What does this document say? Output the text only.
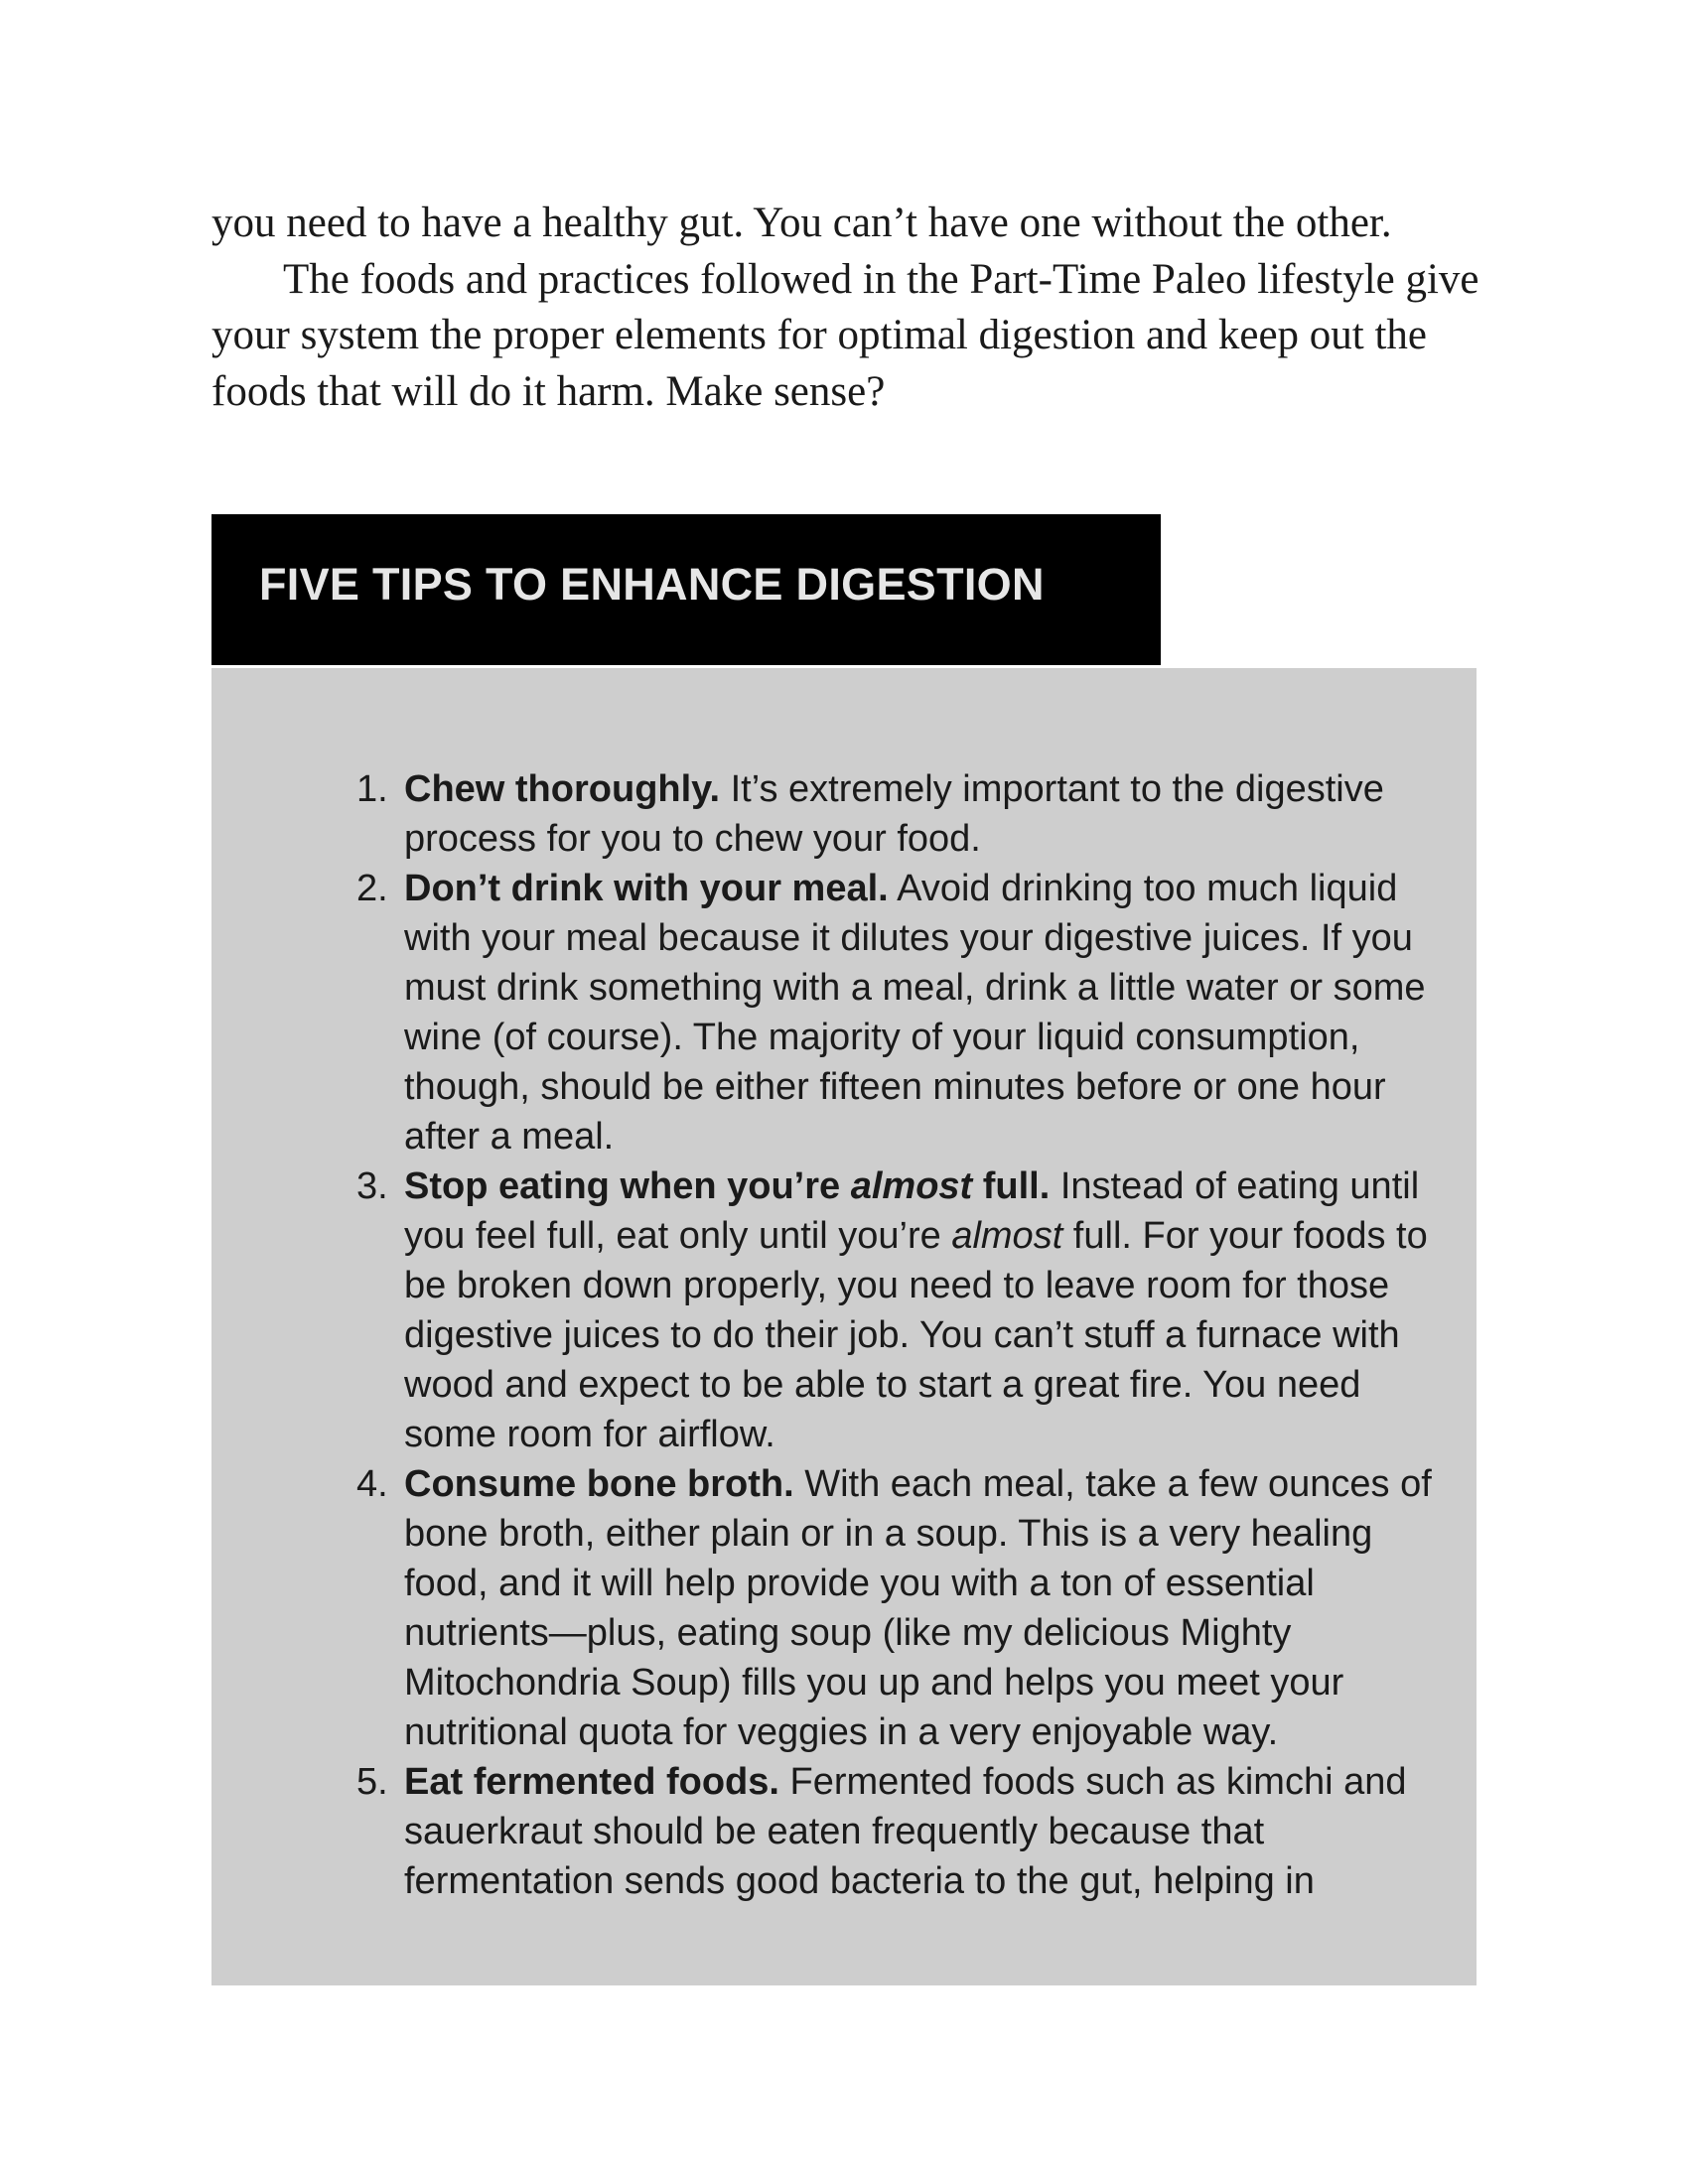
you need to have a healthy gut. You can’t have one without the other.

The foods and practices followed in the Part-Time Paleo lifestyle give your system the proper elements for optimal digestion and keep out the foods that will do it harm. Make sense?

FIVE TIPS TO ENHANCE DIGESTION
1. Chew thoroughly. It’s extremely important to the digestive process for you to chew your food.
2. Don’t drink with your meal. Avoid drinking too much liquid with your meal because it dilutes your digestive juices. If you must drink something with a meal, drink a little water or some wine (of course). The majority of your liquid consumption, though, should be either fifteen minutes before or one hour after a meal.
3. Stop eating when you’re almost full. Instead of eating until you feel full, eat only until you’re almost full. For your foods to be broken down properly, you need to leave room for those digestive juices to do their job. You can’t stuff a furnace with wood and expect to be able to start a great fire. You need some room for airflow.
4. Consume bone broth. With each meal, take a few ounces of bone broth, either plain or in a soup. This is a very healing food, and it will help provide you with a ton of essential nutrients—plus, eating soup (like my delicious Mighty Mitochondria Soup) fills you up and helps you meet your nutritional quota for veggies in a very enjoyable way.
5. Eat fermented foods. Fermented foods such as kimchi and sauerkraut should be eaten frequently because that fermentation sends good bacteria to the gut, helping in
